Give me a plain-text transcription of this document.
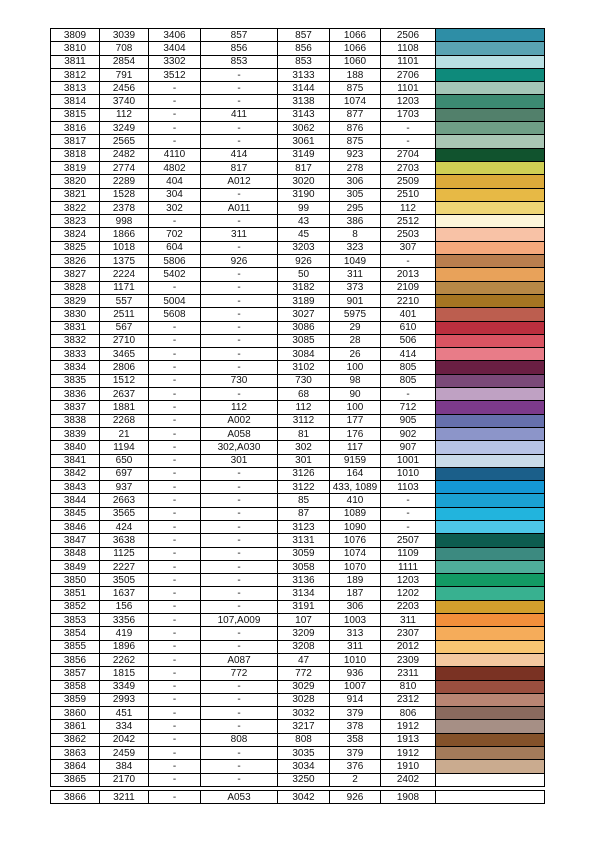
3809	3039	3406	857	857	1066	2506	
3810	708	3404	856	856	1066	1108	
3811	2854	3302	853	853	1060	1101	
3812	791	3512	-	3133	188	2706	
3813	2456	-	-	3144	875	1101	
3814	3740	-	-	3138	1074	1203	
3815	112	-	411	3143	877	1703	
3816	3249	-	-	3062	876	-	
3817	2565	-	-	3061	875	-	
3818	2482	4110	414	3149	923	2704	
3819	2774	4802	817	817	278	2703	
3820	2289	404	A012	3020	306	2509	
3821	1528	304	-	3190	305	2510	
3822	2378	302	A011	99	295	112	
3823	998	-	-	43	386	2512	
3824	1866	702	311	45	8	2503	
3825	1018	604	-	3203	323	307	
3826	1375	5806	926	926	1049	-	
3827	2224	5402	-	50	311	2013	
3828	1171	-	-	3182	373	2109	
3829	557	5004	-	3189	901	2210	
3830	2511	5608	-	3027	5975	401	
3831	567	-	-	3086	29	610	
3832	2710	-	-	3085	28	506	
3833	3465	-	-	3084	26	414	
3834	2806	-	-	3102	100	805	
3835	1512	-	730	730	98	805	
3836	2637	-	-	68	90	-	
3837	1881	-	112	112	100	712	
3838	2268	-	A002	3112	177	905	
3839	21	-	A058	81	176	902	
3840	1194	-	302,A030	302	117	907	
3841	650	-	301	301	9159	1001	
3842	697	-	-	3126	164	1010	
3843	937	-	-	3122	433, 1089	1103	
3844	2663	-	-	85	410	-	
3845	3565	-	-	87	1089	-	
3846	424	-	-	3123	1090	-	
3847	3638	-	-	3131	1076	2507	
3848	1125	-	-	3059	1074	1109	
3849	2227	-	-	3058	1070	1111	
3850	3505	-	-	3136	189	1203	
3851	1637	-	-	3134	187	1202	
3852	156	-	-	3191	306	2203	
3853	3356	-	107,A009	107	1003	311	
3854	419	-	-	3209	313	2307	
3855	1896	-	-	3208	311	2012	
3856	2262	-	A087	47	1010	2309	
3857	1815	-	772	772	936	2311	
3858	3349	-	-	3029	1007	810	
3859	2993	-	-	3028	914	2312	
3860	451	-	-	3032	379	806	
3861	334	-	-	3217	378	1912	
3862	2042	-	808	808	358	1913	
3863	2459	-	-	3035	379	1912	
3864	384	-	-	3034	376	1910	
3865	2170	-	-	3250	2	2402	

3866	3211	-	A053	3042	926	1908	
